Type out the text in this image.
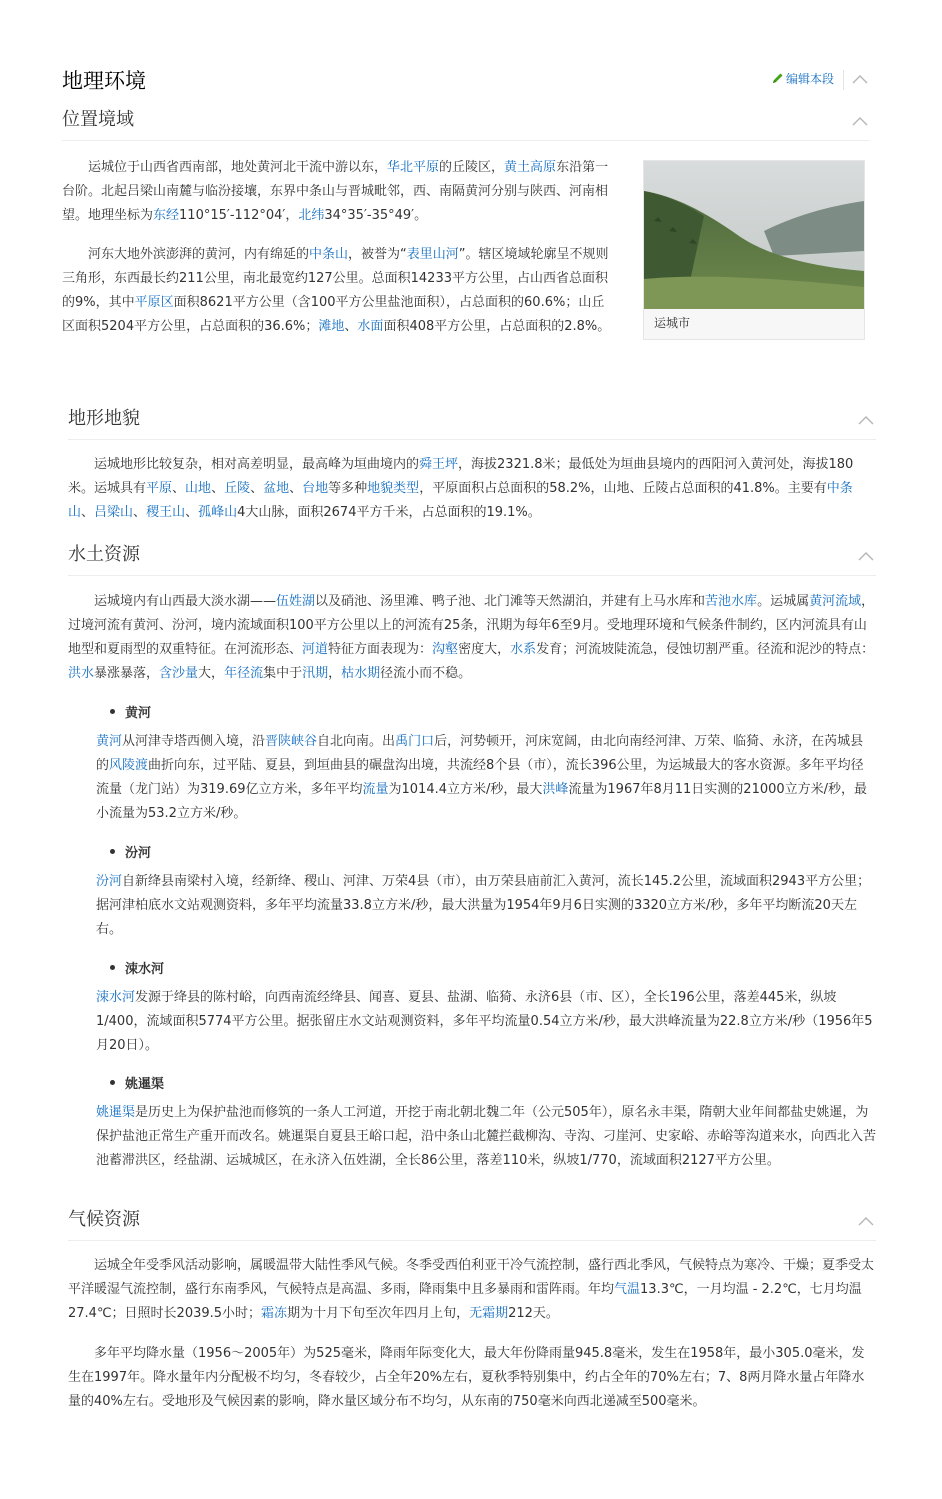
地理环境	编辑本段
位置境域

运城位于山西省西南部，地处黄河北干流中游以东，华北平原的丘陵区，黄土高原东沿第一台阶。北起吕梁山南麓与临汾接壤，东界中条山与晋城毗邻，西、南隔黄河分别与陕西、河南相望。地理坐标为东经110°15′-112°04′，北纬34°35′-35°49′。

河东大地外滨澎湃的黄河，内有绵延的中条山，被誉为“表里山河”。辖区境域轮廓呈不规则三角形，东西最长约211公里，南北最宽约127公里。总面积14233平方公里，占山西省总面积的9%，其中平原区面积8621平方公里（含100平方公里盐池面积），占总面积的60.6%；山丘区面积5204平方公里，占总面积的36.6%；滩地、水面面积408平方公里，占总面积的2.8%。	运城市
地形地貌

运城地形比较复杂，相对高差明显，最高峰为垣曲境内的舜王坪，海拔2321.8米；最低处为垣曲县境内的西阳河入黄河处，海拔180米。运城具有平原、山地、丘陵、盆地、台地等多种地貌类型，平原面积占总面积的58.2%，山地、丘陵占总面积的41.8%。主要有中条山、吕梁山、稷王山、孤峰山4大山脉，面积2674平方千米，占总面积的19.1%。

水土资源

运城境内有山西最大淡水湖——伍姓湖以及硝池、汤里滩、鸭子池、北门滩等天然湖泊，并建有上马水库和苦池水库。运城属黄河流域，过境河流有黄河、汾河，境内流域面积100平方公里以上的河流有25条，汛期为每年6至9月。受地理环境和气候条件制约，区内河流具有山地型和夏雨型的双重特征。在河流形态、河道特征方面表现为：沟壑密度大，水系发育；河流坡陡流急，侵蚀切割严重。径流和泥沙的特点：洪水暴涨暴落，含沙量大，年径流集中于汛期，枯水期径流小而不稳。

黄河

黄河从河津寺塔西侧入境，沿晋陕峡谷自北向南。出禹门口后，河势顿开，河床宽阔，由北向南经河津、万荣、临猗、永济，在芮城县的风陵渡曲折向东，过平陆、夏县，到垣曲县的碾盘沟出境，共流经8个县（市），流长396公里，为运城最大的客水资源。多年平均径流量（龙门站）为319.69亿立方米，多年平均流量为1014.4立方米/秒，最大洪峰流量为1967年8月11日实测的21000立方米/秒，最小流量为53.2立方米/秒。

汾河

汾河自新绛县南梁村入境，经新绛、稷山、河津、万荣4县（市），由万荣县庙前汇入黄河，流长145.2公里，流域面积2943平方公里；据河津柏底水文站观测资料，多年平均流量33.8立方米/秒，最大洪量为1954年9月6日实测的3320立方米/秒，多年平均断流20天左右。

涑水河

涑水河发源于绛县的陈村峪，向西南流经绛县、闻喜、夏县、盐湖、临猗、永济6县（市、区），全长196公里，落差445米，纵坡1/400，流域面积5774平方公里。据张留庄水文站观测资料，多年平均流量0.54立方米/秒，最大洪峰流量为22.8立方米/秒（1956年5月20日）。

姚暹渠

姚暹渠是历史上为保护盐池而修筑的一条人工河道，开挖于南北朝北魏二年（公元505年），原名永丰渠，隋朝大业年间都盐史姚暹，为保护盐池正常生产重开而改名。姚暹渠自夏县王峪口起，沿中条山北麓拦截柳沟、寺沟、刁崖河、史家峪、赤峪等沟道来水，向西北入苦池蓄滞洪区，经盐湖、运城城区，在永济入伍姓湖，全长86公里，落差110米，纵坡1/770，流域面积2127平方公里。

气候资源

运城全年受季风活动影响，属暖温带大陆性季风气候。冬季受西伯利亚干冷气流控制，盛行西北季风，气候特点为寒冷、干燥；夏季受太平洋暖湿气流控制，盛行东南季风，气候特点是高温、多雨，降雨集中且多暴雨和雷阵雨。年均气温13.3℃，一月均温 - 2.2℃，七月均温27.4℃；日照时长2039.5小时；霜冻期为十月下旬至次年四月上旬，无霜期212天。

多年平均降水量（1956～2005年）为525毫米，降雨年际变化大，最大年份降雨量945.8毫米，发生在1958年，最小305.0毫米，发生在1997年。降水量年内分配极不均匀，冬春较少，占全年20%左右，夏秋季特别集中，约占全年的70%左右；7、8两月降水量占年降水量的40%左右。受地形及气候因素的影响，降水量区域分布不均匀，从东南的750毫米向西北递减至500毫米。
